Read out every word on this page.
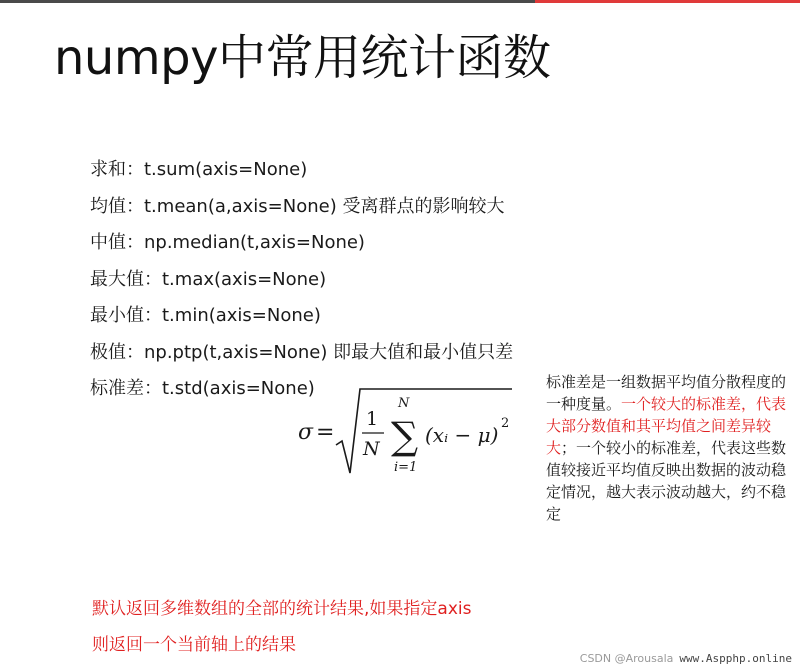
numpy中常用统计函数
求和：t.sum(axis=None)
均值：t.mean(a,axis=None) 受离群点的影响较大
中值：np.median(t,axis=None)
最大值：t.max(axis=None)
最小值：t.min(axis=None)
极值：np.ptp(t,axis=None) 即最大值和最小值只差
标准差：t.std(axis=None)
σ =
1
N
N
∑
i=1
(xᵢ − μ) 2
标准差是一组数据平均值分散程度的一种度量。一个较大的标准差，代表大部分数值和其平均值之间差异较大；一个较小的标准差，代表这些数值较接近平均值反映出数据的波动稳定情况，越大表示波动越大，约不稳定
默认返回多维数组的全部的统计结果,如果指定axis
则返回一个当前轴上的结果
CSDN @Arousala www.Aspphp.online
